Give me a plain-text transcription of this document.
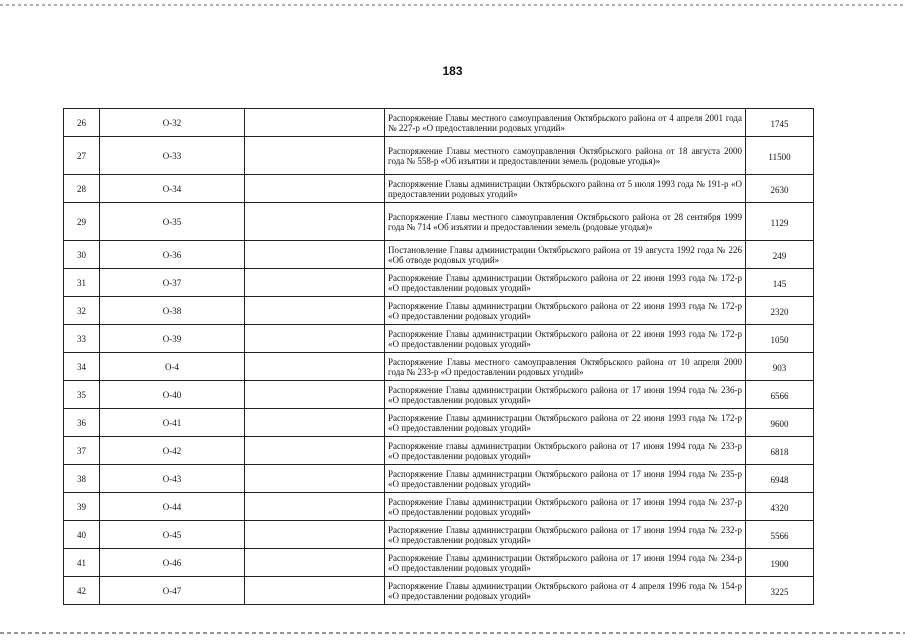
183
26	О-32		Распоряжение Главы местного самоуправления Октябрьского района от 4 апреля 2001 года № 227-р «О предоставлении родовых угодий»	1745
27	О-33		Распоряжение Главы местного самоуправления Октябрьского района от 18 августа 2000 года № 558-р «Об изъятии и предоставлении земель (родовые угодья)»	11500
28	О-34		Распоряжение Главы администрации Октябрьского района от 5 июля 1993 года № 191-р «О предоставлении родовых угодий»	2630
29	О-35		Распоряжение Главы местного самоуправления Октябрьского района от 28 сентября 1999 года № 714 «Об изъятии и предоставлении земель (родовые угодья)»	1129
30	О-36		Постановление Главы администрации Октябрьского района от 19 августа 1992 года № 226 «Об отводе родовых угодий»	249
31	О-37		Распоряжение Главы администрации Октябрьского района от 22 июня 1993 года № 172-р «О предоставлении родовых угодий»	145
32	О-38		Распоряжение Главы администрации Октябрьского района от 22 июня 1993 года № 172-р «О предоставлении родовых угодий»	2320
33	О-39		Распоряжение Главы администрации Октябрьского района от 22 июня 1993 года № 172-р «О предоставлении родовых угодий»	1050
34	О-4		Распоряжение Главы местного самоуправления Октябрьского района от 10 апреля 2000 года № 233-р «О предоставлении родовых угодий»	903
35	О-40		Распоряжение Главы администрации Октябрьского района от 17 июня 1994 года № 236-р «О предоставлении родовых угодий»	6566
36	О-41		Распоряжение Главы администрации Октябрьского района от 22 июня 1993 года № 172-р «О предоставлении родовых угодий»	9600
37	О-42		Распоряжение главы администрации Октябрьского района от 17 июня 1994 года № 233-р «О предоставлении родовых угодий»	6818
38	О-43		Распоряжение Главы администрации Октябрьского района от 17 июня 1994 года № 235-р «О предоставлении родовых угодий»	6948
39	О-44		Распоряжение Главы администрации Октябрьского района от 17 июня 1994 года № 237-р «О предоставлении родовых угодий»	4320
40	О-45		Распоряжение Главы администрации Октябрьского района от 17 июня 1994 года № 232-р «О предоставлении родовых угодий»	5566
41	О-46		Распоряжение Главы администрации Октябрьского района от 17 июня 1994 года № 234-р «О предоставлении родовых угодий»	1900
42	О-47		Распоряжение Главы администрации Октябрьского района от 4 апреля 1996 года № 154-р «О предоставлении родовых угодий»	3225
